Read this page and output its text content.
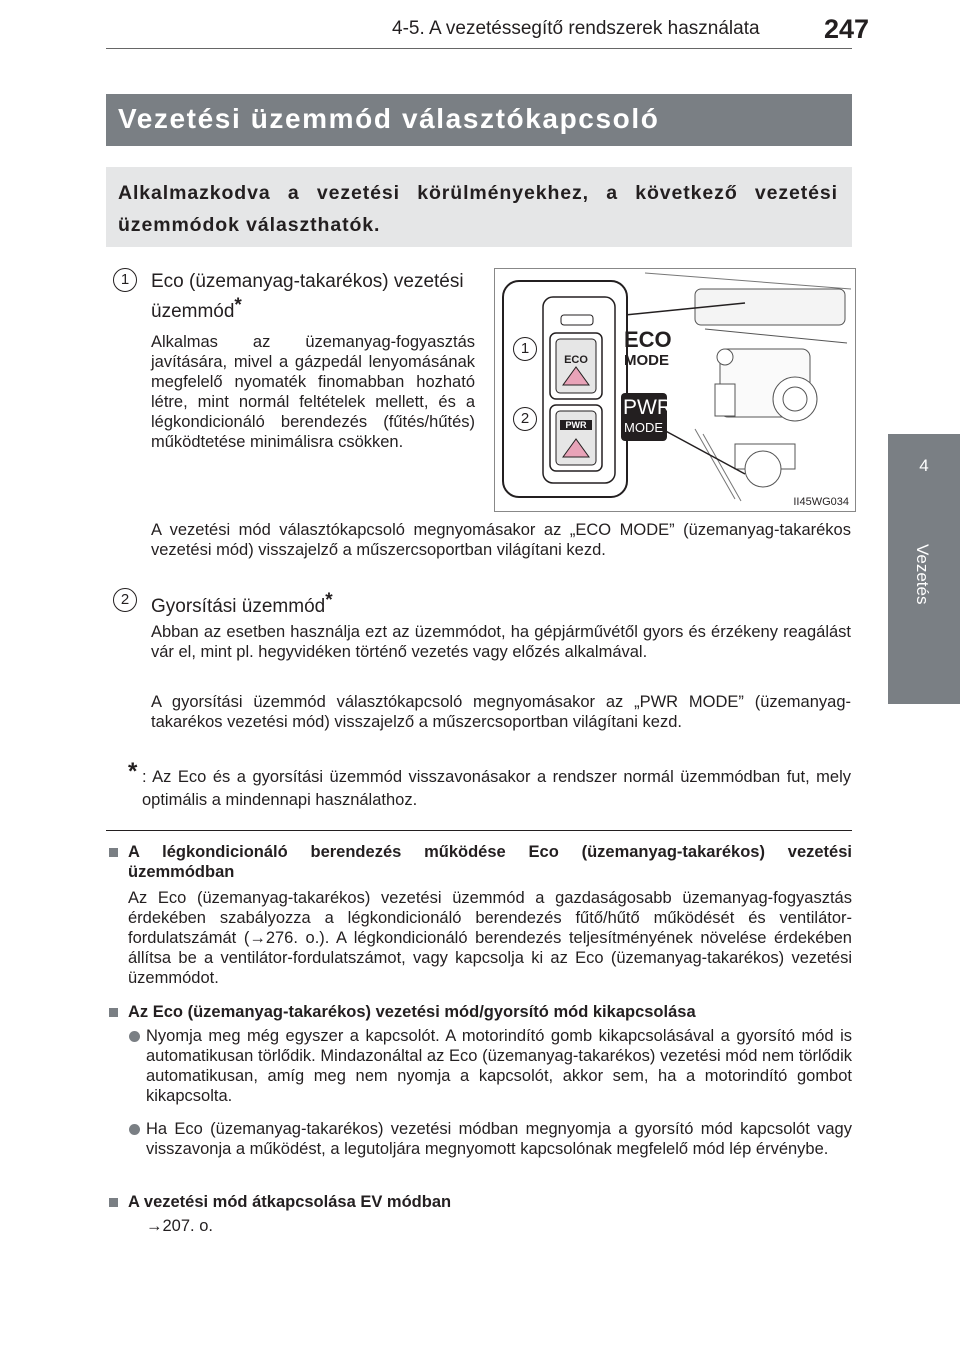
4-5. A vezetéssegítő rendszerek használata 247
4
Vezetés
Vezetési üzemmód választókapcsoló
Alkalmazkodva a vezetési körülményekhez, a következő vezetési üzemmódok választhatók.
1	Eco (üzemanyag-takarékos) vezetési üzemmód*
Alkalmas az üzemanyag-fogyasztás javítására, mivel a gázpedál lenyomásának megfelelő nyomaték finomabban hozható létre, mint normál feltételek mellett, és a légkondicionáló berendezés (fűtés/hűtés) működtetése minimálisra csökken.
A vezetési mód választókapcsoló megnyomásakor az „ECO MODE” (üzemanyag-takarékos vezetési mód) visszajelző a műszercsoportban világítani kezd.
ECO
PWR
ECO
MODE
PWR
MODE
1
2
II45WG034
2	Gyorsítási üzemmód*
Abban az esetben használja ezt az üzemmódot, ha gépjárművétől gyors és érzékeny reagálást vár el, mint pl. hegyvidéken történő vezetés vagy előzés alkalmával.
A gyorsítási üzemmód választókapcsoló megnyomásakor az „PWR MODE” (üzemanyag-takarékos vezetési mód) visszajelző a műszercsoportban világítani kezd.
* : Az Eco és a gyorsítási üzemmód visszavonásakor a rendszer normál üzemmódban fut, mely optimális a mindennapi használathoz.
A légkondicionáló berendezés működése Eco (üzemanyag-takarékos) vezetési üzemmódban
Az Eco (üzemanyag-takarékos) vezetési üzemmód a gazdaságosabb üzemanyag-fogyasztás érdekében szabályozza a légkondicionáló berendezés fűtő/hűtő működését és ventilátor-fordulatszámát (→276. o.). A légkondicionáló berendezés teljesítményének növelése érdekében állítsa be a ventilátor-fordulatszámot, vagy kapcsolja ki az Eco (üzemanyag-takarékos) vezetési üzemmódot.
Az Eco (üzemanyag-takarékos) vezetési mód/gyorsító mód kikapcsolása
Nyomja meg még egyszer a kapcsolót. A motorindító gomb kikapcsolásával a gyorsító mód is automatikusan törlődik. Mindazonáltal az Eco (üzemanyag-takarékos) vezetési mód nem törlődik automatikusan, amíg meg nem nyomja a kapcsolót, akkor sem, ha a motorindító gombot kikapcsolta.
Ha Eco (üzemanyag-takarékos) vezetési módban megnyomja a gyorsító mód kapcsolót vagy visszavonja a működést, a legutoljára megnyomott kapcsolónak megfelelő mód lép érvénybe.
A vezetési mód átkapcsolása EV módban
→207. o.
